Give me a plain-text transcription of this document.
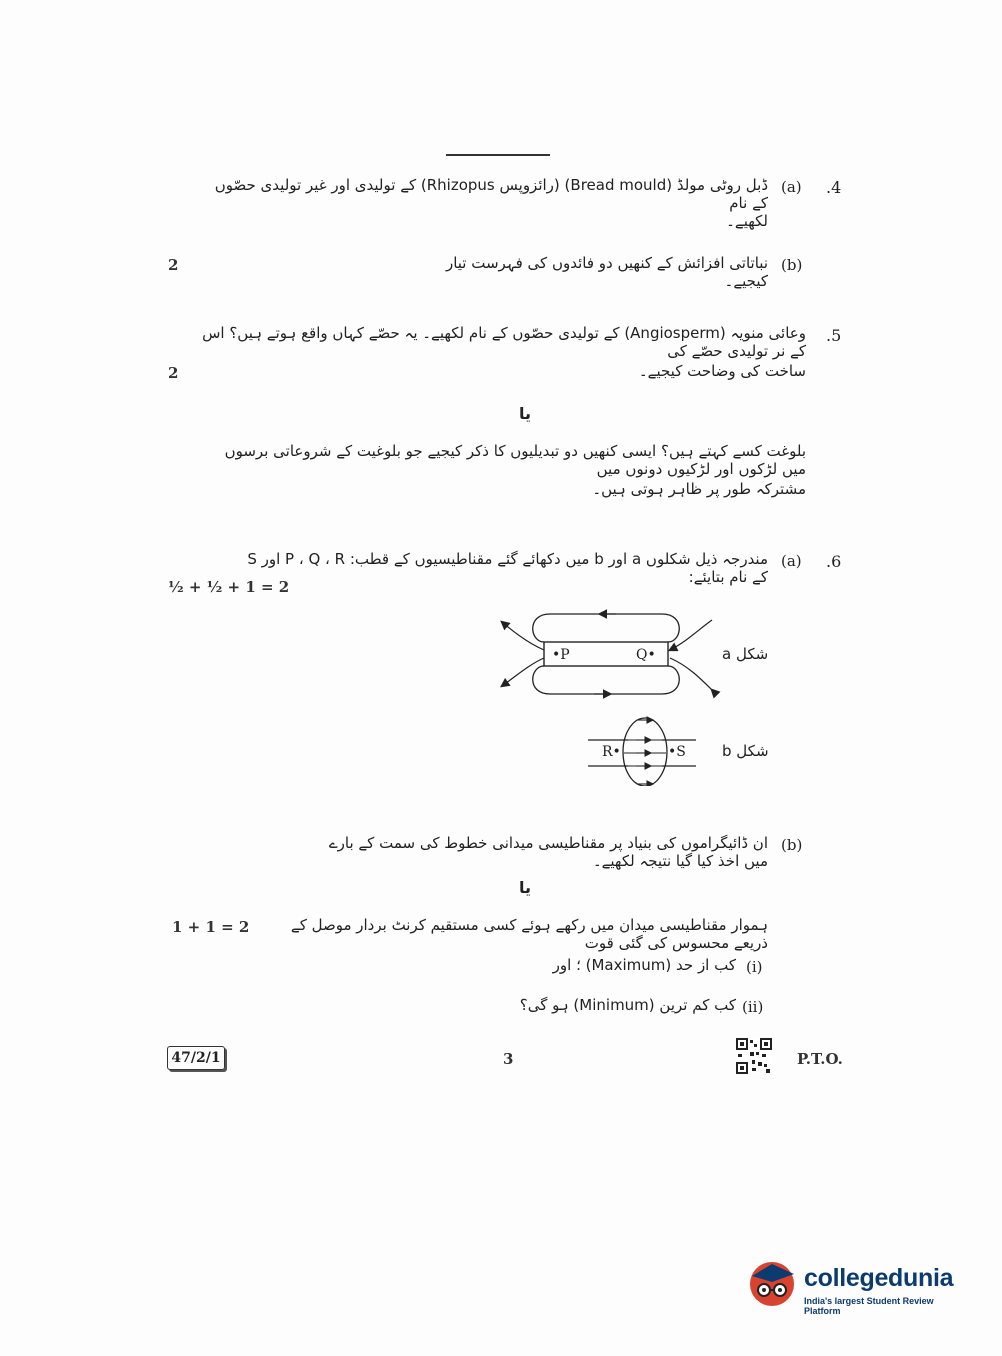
.4
(a)
ڈبل روٹی مولڈ (Bread mould) (رائزوپس Rhizopus) کے تولیدی اور غیر تولیدی حصّوں کے نام
لکھیے۔
(b)
نباتاتی افزائش کے کنھیں دو فائدوں کی فہرست تیار کیجیے۔
2
.5
وعائی منویہ (Angiosperm) کے تولیدی حصّوں کے نام لکھیے۔ یہ حصّے کہاں واقع ہوتے ہیں؟ اس کے نر تولیدی حصّے کی
ساخت کی وضاحت کیجیے۔
2
یا
بلوغت کسے کہتے ہیں؟ ایسی کنھیں دو تبدیلیوں کا ذکر کیجیے جو بلوغیت کے شروعاتی برسوں میں لڑکوں اور لڑکیوں دونوں میں
مشترکہ طور پر ظاہر ہوتی ہیں۔
.6
(a)
مندرجہ ذیل شکلوں a اور b میں دکھائے گئے مقناطیسیوں کے قطب: P ، Q ، R اور S کے نام بتایئے:
½ + ½ + 1 = 2
•P	Q•	شکل a
R•	•S شکل b
(b)
ان ڈائیگراموں کی بنیاد پر مقناطیسی میدانی خطوط کی سمت کے بارے میں اخذ کیا گیا نتیجہ لکھیے۔
یا
ہموار مقناطیسی میدان میں رکھے ہوئے کسی مستقیم کرنٹ بردار موصل کے ذریعے محسوس کی گئی قوت
1 + 1 = 2
(i)
کب از حد (Maximum) ؛ اور
(ii)
کب کم ترین (Minimum) ہو گی؟
47/2/1	3	P.T.O.
collegedunia
India's largest Student Review Platform
